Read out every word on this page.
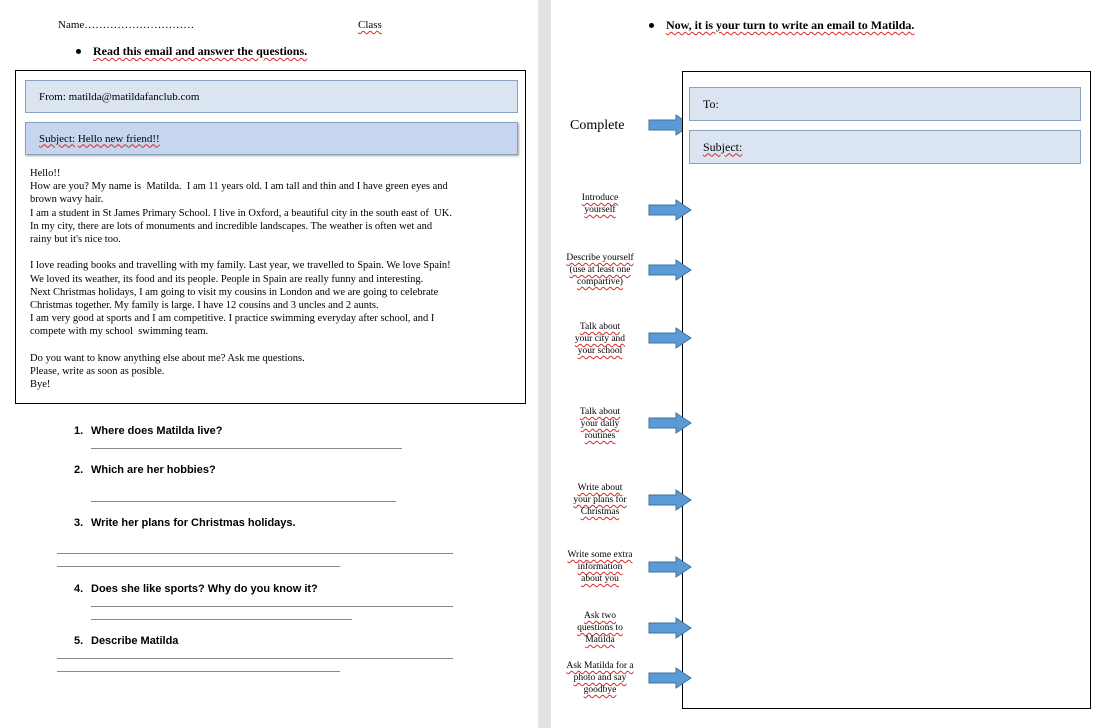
Name…………………………	Class
Read this email and answer the questions.
From: matilda@matildafanclub.com
Subject:
Hello new friend!!
Hello!!
How are you? My name is  Matilda.  I am 11 years old. I am tall and thin and I have green eyes and
brown wavy hair.
I am a student in St James Primary School. I live in Oxford, a beautiful city in the south east of  UK.
In my city, there are lots of monuments and incredible landscapes. The weather is often wet and
rainy but it's nice too.
I love reading books and travelling with my family. Last year, we travelled to Spain. We love Spain!
We loved its weather, its food and its people. People in Spain are really funny and interesting.
Next Christmas holidays, I am going to visit my cousins in London and we are going to celebrate
Christmas together. My family is large. I have 12 cousins and 3 uncles and 2 aunts.
I am very good at sports and I am competitive. I practice swimming everyday after school, and I
compete with my school  swimming team.
Do you want to know anything else about me? Ask me questions.
Please, write as soon as posible.
Bye!
1. Where does Matilda live?
2. Which are her hobbies?
3. Write her plans for Christmas holidays.
4. Does she like sports? Why do you know it?
5. Describe Matilda
Now, it is your turn to write an email to Matilda.
Complete
To:
Subject:
Introduce
yourself
Describe yourself
(use at least one
compartive)
Talk about
your city and
your school
Talk about
your daily
routines
Write about
your plans for
Christmas
Write some extra
information
about you
Ask two
questions to
Matilda
Ask Matilda for a
photo and say
goodbye
